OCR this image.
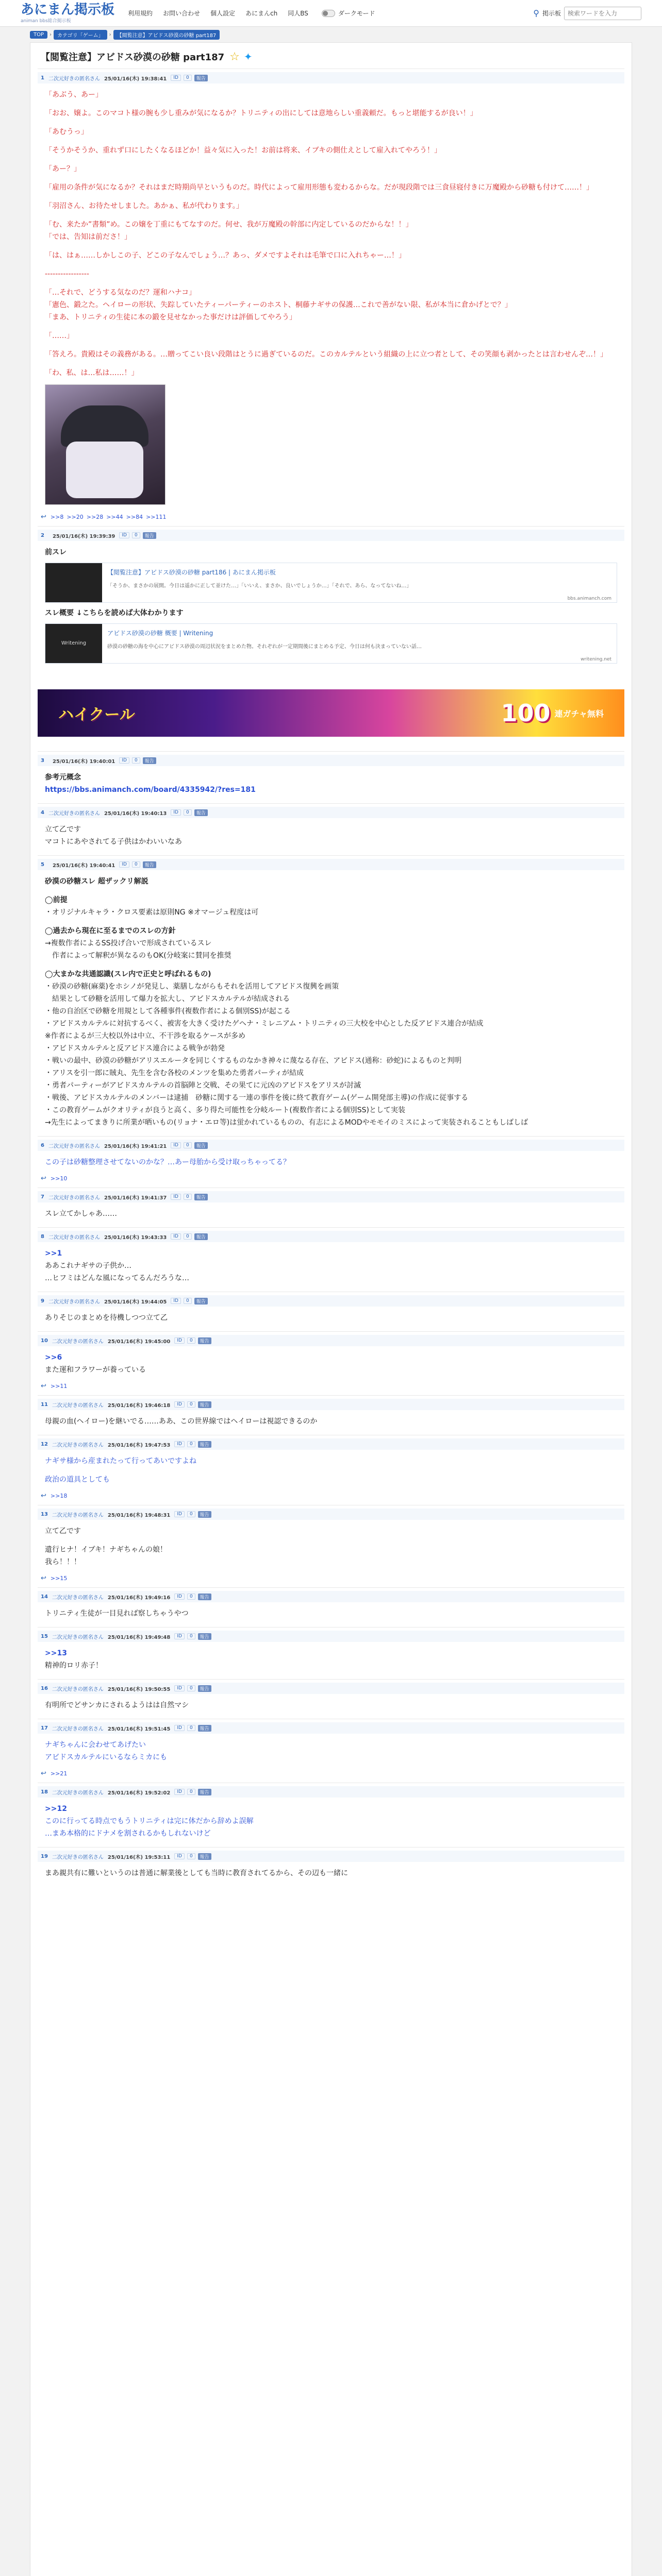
あにまん掲示板
animan bbs総合掲示板
利用規約 お問い合わせ 個人設定 あにまんch 同人BS	ダークモード	⚲ 掲示板
検索ワードを入力
TOP	›	カテゴリ「ゲーム」	›	【閲覧注意】アビドス砂漠の砂糖 part187
【閲覧注意】アビドス砂漠の砂糖 part187 ☆ ✦
1 二次元好きの匿名さん 25/01/16(木) 19:38:41	ID	0	報告
「あぶう、あー」
「おお、嬢よ。このマコト様の腕も少し重みが気になるか？トリニティの出にしては意地らしい重義頼だ。もっと堪能するが良い！」
「あむうっ」
「そうかそうか、重れず口にしたくなるほどか！益々気に入った！お前は将来、イブキの側仕えとして雇入れてやろう！」
「あー？」
「雇用の条件が気になるか？それはまだ時期尚早というものだ。時代によって雇用形態も変わるからな。だが現段階では三食昼寝付きに万魔殿から砂糖も付けて……！」
「羽沼さん、お待たせしました。あかぁ、私が代わります。」
「む、来たか”書類”め。この嬢を丁重にもてなすのだ。何せ、我が万魔殿の幹部に内定しているのだからな！！」
「では、告知は前ださ！」
「は、はぁ……しかしこの子、どこの子なんでしょう…？あっ、ダメですよそれは毛筆で口に入れちゃー…！」
-----------------
「…それで、どうする気なのだ？運和ハナコ」
「憲色、鍛之た。ヘイローの形状、失踪していたティーパーティーのホスト、桐藤ナギサの保護…これで善がない限、私が本当に倉かげとで？」
「まあ、トリニティの生徒に本の鍛を見せなかった事だけは評価してやろう」
「……」
「答えろ。貴殿はその義務がある。…贈ってこい良い段階はとうに過ぎているのだ。このカルテルという組織の上に立つ者として、その笑顔も剥かったとは言わせんぞ…！」
「わ、私、は…私は……！」
↩ >>8 >>20 >>28 >>44 >>84 >>111
2 25/01/16(木) 19:39:39	ID	0	報告
前スレ
【閲覧注意】アビドス砂漠の砂糖 part186 | あにまん掲示板
「そうか、まさかの展開。今日は遥かに正して並けた…」「いいえ、まさか、良いでしょうか…」「それで、あら、なってないね…」
bbs.animanch.com
スレ概要 ↓こちらを読めば大体わかります
Writening
アビドス砂漠の砂糖 概要 | Writening
砂漠の砂糖の海を中心にアビドス砂漠の周辺状況をまとめた物。それぞれが一定期間後にまとめる予定、今日は何も決まっていない話…
writening.net
ハイクール	100 連ガチャ無料
3 25/01/16(木) 19:40:01	ID	0	報告
参考元概念
https://bbs.animanch.com/board/4335942/?res=181
4 二次元好きの匿名さん 25/01/16(木) 19:40:13	ID	0	報告
立て乙です
マコトにあやされてる子供はかわいいなあ
5 25/01/16(木) 19:40:41	ID	0	報告
砂漠の砂糖スレ 超ザックリ解説
◯前提
・オリジナルキャラ・クロス要素は原則NG ※オマージュ程度は可
◯過去から現在に至るまでのスレの方針
→複数作者によるSS投げ合いで形成されているスレ
　作者によって解釈が異なるのもOK(分岐案に賛同を推奨
◯大まかな共通認識(スレ内で正史と呼ばれるもの)
・砂漠の砂糖(麻薬)をホシノが発見し、薬膳しながらもそれを活用してアビドス復興を画策
　結果として砂糖を活用して爆力を拡大し、アビドスカルテルが結成される
・他の自治区で砂糖を用規として各種事件(複数作者による個別SS)が起こる
・アビドスカルテルに対抗するべく、被害を大きく受けたゲヘナ・ミレニアム・トリニティの三大校を中心とした反アビドス連合が結成
※作者によるが三大校以外は中立、不干渉を取るケースが多め
・アビドスカルテルと反アビドス連合による戦争が勃発
・戦いの最中、砂漠の砂糖がアリスエルータを同じくするものなかき神々に蔑なる存在、アビドス(通称：砂蛇)によるものと判明
・アリスを引一郎に賊丸、先生を含む各校のメンツを集めた勇者パーティが結成
・勇者パーティーがアビドスカルテルの首脳陣と交戦、その果てに元凶のアビドスをアリスが討滅
・戦後、アビドスカルテルのメンバーは逮捕　砂糖に関する一連の事件を後に終て教育ゲーム(ゲーム開発部主導)の作成に従事する
・この教育ゲームがクオリティが良うと高く、多り得た可能性を分岐ルート(複数作者による個別SS)として実装
→先生によってまきりに所業が晒いもの(リョナ・エロ等)は蛍かれているものの、有志によるMODやモモイのミスによって実装されることもしばしば
6 二次元好きの匿名さん 25/01/16(木) 19:41:21	ID	0	報告
この子は砂糖整理させてないのかな？…あー母胎から受け取っちゃってる？
↩ >>10
7 二次元好きの匿名さん 25/01/16(木) 19:41:37	ID	0	報告
スレ立てかしゃあ……
8 二次元好きの匿名さん 25/01/16(木) 19:43:33	ID	0	報告
>>1
ああこれナギサの子供か…
…ヒフミはどんな風になってるんだろうな…
9 二次元好きの匿名さん 25/01/16(木) 19:44:05	ID	0	報告
ありそじのまとめを待機しつつ立て乙
10 二次元好きの匿名さん 25/01/16(木) 19:45:00	ID	0	報告
>>6
また運和フラワーが養っている
↩ >>11
11 二次元好きの匿名さん 25/01/16(木) 19:46:18	ID	0	報告
母親の血(ヘイロー)を継いでる……ああ、この世界線ではヘイローは視認できるのか
12 二次元好きの匿名さん 25/01/16(木) 19:47:53	ID	0	報告
ナギサ様から産まれたって行ってあいですよね
政治の道具としても
↩ >>18
13 二次元好きの匿名さん 25/01/16(木) 19:48:31	ID	0	報告
立て乙です
遺行ヒナ！イブキ！ナギちゃんの娘！
我ら！！！
↩ >>15
14 二次元好きの匿名さん 25/01/16(木) 19:49:16	ID	0	報告
トリニティ生徒が一目見れば察しちゃうやつ
15 二次元好きの匿名さん 25/01/16(木) 19:49:48	ID	0	報告
>>13
精神的ロリ赤子！
16 二次元好きの匿名さん 25/01/16(木) 19:50:55	ID	0	報告
有明所でどサンカにされるようはは自然マシ
17 二次元好きの匿名さん 25/01/16(木) 19:51:45	ID	0	報告
ナギちゃんに会わせてあげたい
アビドスカルテルにいるならミカにも
↩ >>21
18 二次元好きの匿名さん 25/01/16(木) 19:52:02	ID	0	報告
>>12
このに行ってる時点でもうトリニティは完に体だから辞めよ誤解
…まあ本格的にドナメを割されるかもしれないけど
19 二次元好きの匿名さん 25/01/16(木) 19:53:11	ID	0	報告
まあ親共有に難いというのは普通に解業後としても当時に教育されてるから、その辺も一緒に
